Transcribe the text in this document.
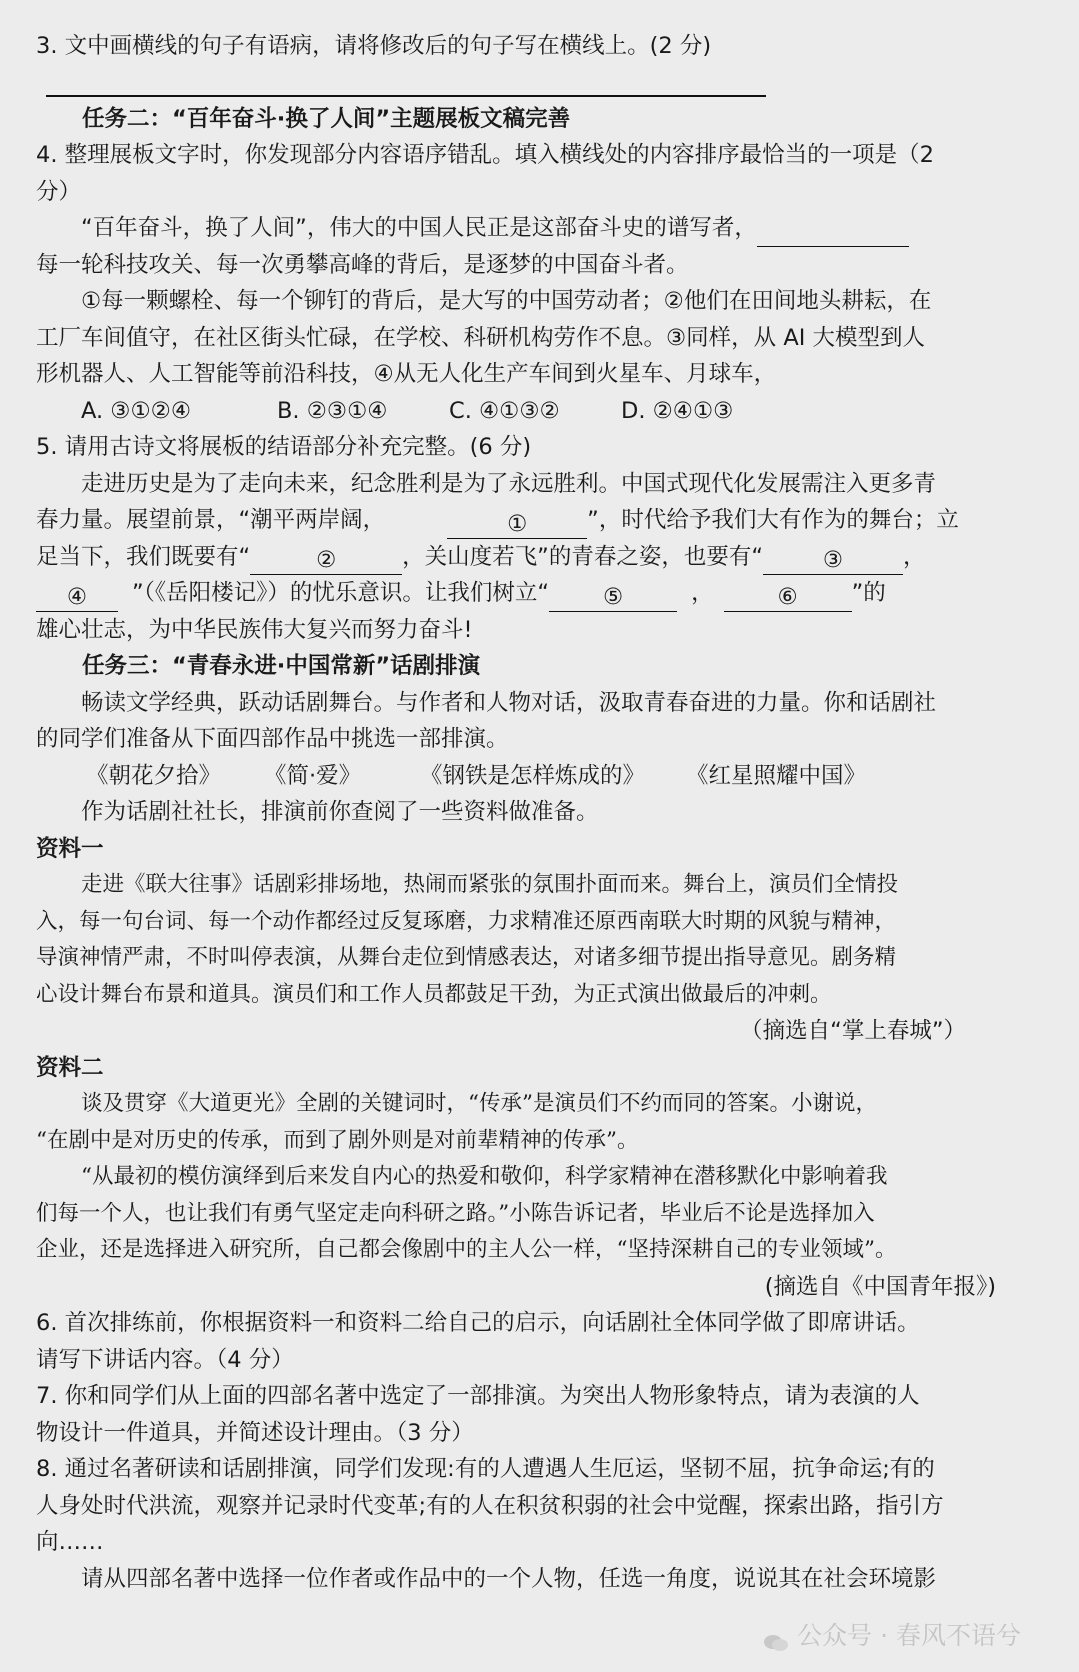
3. 文中画横线的句子有语病，请将修改后的句子写在横线上。(2 分)
任务二：“百年奋斗·换了人间”主题展板文稿完善
4. 整理展板文字时，你发现部分内容语序错乱。填入横线处的内容排序最恰当的一项是（2
分）
“百年奋斗，换了人间”，伟大的中国人民正是这部奋斗史的谱写者，
每一轮科技攻关、每一次勇攀高峰的背后，是逐梦的中国奋斗者。
①每一颗螺栓、每一个铆钉的背后，是大写的中国劳动者；②他们在田间地头耕耘，在
工厂车间值守，在社区街头忙碌，在学校、科研机构劳作不息。③同样，从 AI 大模型到人
形机器人、人工智能等前沿科技，④从无人化生产车间到火星车、月球车，
A. ③①②④	B. ②③①④	C. ④①③②	D. ②④①③
5. 请用古诗文将展板的结语部分补充完整。(6 分)
走进历史是为了走向未来，纪念胜利是为了永远胜利。中国式现代化发展需注入更多青
春力量。展望前景，“潮平两岸阔，	①	”，时代给予我们大有作为的舞台；立
足当下，我们既要有“	②	，关山度若飞”的青春之姿，也要有“	③	，
④ ”（《岳阳楼记》）的忧乐意识。让我们树立“ ⑤	，	⑥ ”的
雄心壮志，为中华民族伟大复兴而努力奋斗!
任务三：“青春永进·中国常新”话剧排演
畅读文学经典，跃动话剧舞台。与作者和人物对话，汲取青春奋进的力量。你和话剧社
的同学们准备从下面四部作品中挑选一部排演。
《朝花夕拾》 《简·爱》	《钢铁是怎样炼成的》 《红星照耀中国》
作为话剧社社长，排演前你查阅了一些资料做准备。
资料一
走进《联大往事》话剧彩排场地，热闹而紧张的氛围扑面而来。舞台上，演员们全情投
入，每一句台词、每一个动作都经过反复琢磨，力求精准还原西南联大时期的风貌与精神，
导演神情严肃，不时叫停表演，从舞台走位到情感表达，对诸多细节提出指导意见。剧务精
心设计舞台布景和道具。演员们和工作人员都鼓足干劲，为正式演出做最后的冲刺。
（摘选自“掌上春城”）
资料二
谈及贯穿《大道更光》全剧的关键词时，“传承”是演员们不约而同的答案。小谢说，
“在剧中是对历史的传承，而到了剧外则是对前辈精神的传承”。
“从最初的模仿演绎到后来发自内心的热爱和敬仰，科学家精神在潜移默化中影响着我
们每一个人，也让我们有勇气坚定走向科研之路。”小陈告诉记者，毕业后不论是选择加入
企业，还是选择进入研究所，自己都会像剧中的主人公一样，“坚持深耕自己的专业领域”。
(摘选自《中国青年报》)
6. 首次排练前，你根据资料一和资料二给自己的启示，向话剧社全体同学做了即席讲话。
请写下讲话内容。（4 分）
7. 你和同学们从上面的四部名著中选定了一部排演。为突出人物形象特点，请为表演的人
物设计一件道具，并简述设计理由。（3 分）
8. 通过名著研读和话剧排演，同学们发现:有的人遭遇人生厄运，坚韧不屈，抗争命运;有的
人身处时代洪流，观察并记录时代变革;有的人在积贫积弱的社会中觉醒，探索出路，指引方
向……
请从四部名著中选择一位作者或作品中的一个人物，任选一角度，说说其在社会环境影
公众号 · 春风不语兮
